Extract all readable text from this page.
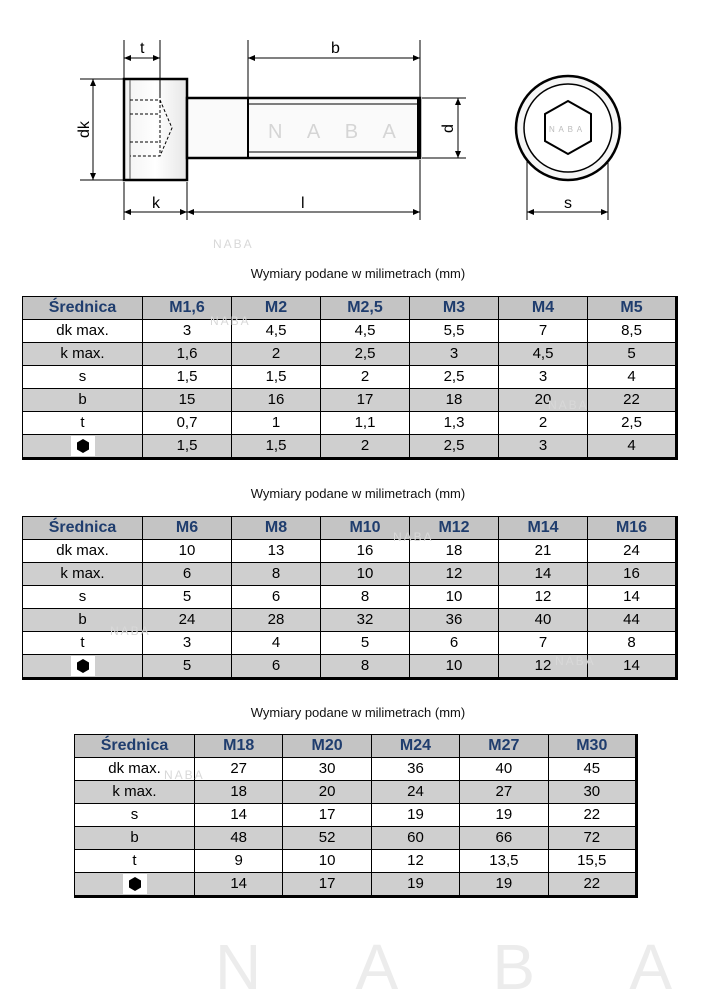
t	b
dk	d
k	l	s
N A B A	N A B A
Wymiary podane w milimetrach (mm)
Średnica	M1,6	M2	M2,5	M3	M4	M5
dk max.	3	4,5	4,5	5,5	7	8,5
k max.	1,6	2	2,5	3	4,5	5
s	1,5	1,5	2	2,5	3	4
b	15	16	17	18	20	22
t	0,7	1	1,1	1,3	2	2,5

	1,5	1,5	2	2,5	3	4
Wymiary podane w milimetrach (mm)
Średnica	M6	M8	M10	M12	M14	M16
dk max.	10	13	16	18	21	24
k max.	6	8	10	12	14	16
s	5	6	8	10	12	14
b	24	28	32	36	40	44
t	3	4	5	6	7	8

	5	6	8	10	12	14
Wymiary podane w milimetrach (mm)
Średnica	M18	M20	M24	M27	M30
dk max.	27	30	36	40	45
k max.	18	20	24	27	30
s	14	17	19	19	22
b	48	52	60	66	72
t	9	10	12	13,5	15,5

	14	17	19	19	22
NABA
NABA
NABA
NABA
NABA
NABA
NABA
N A B A
